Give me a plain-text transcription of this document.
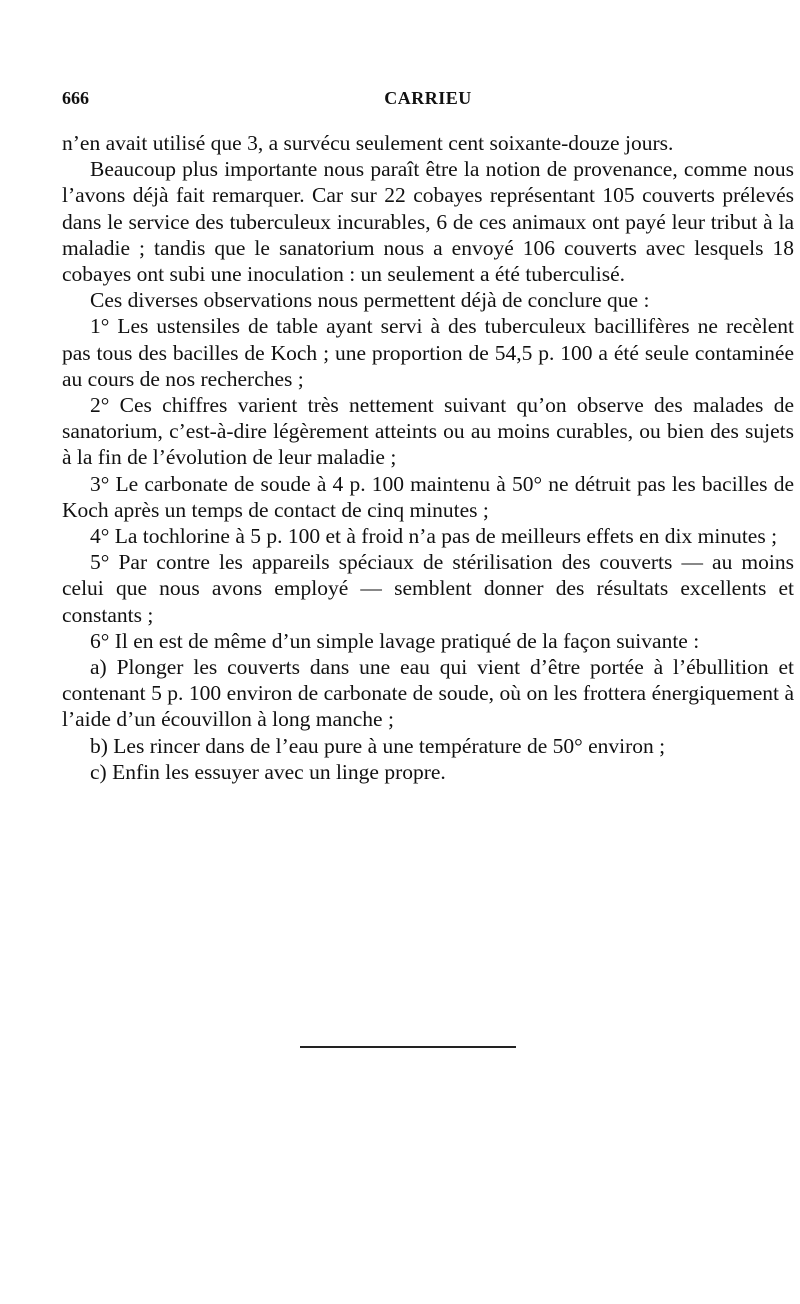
666	CARRIEU

n’en avait utilisé que 3, a survécu seulement cent soixante-douze jours.

Beaucoup plus importante nous paraît être la notion de provenance, comme nous l’avons déjà fait remarquer. Car sur 22 cobayes représentant 105 couverts prélevés dans le service des tuberculeux incurables, 6 de ces animaux ont payé leur tribut à la maladie ; tandis que le sanatorium nous a envoyé 106 couverts avec lesquels 18 cobayes ont subi une inoculation : un seulement a été tuberculisé.

Ces diverses observations nous permettent déjà de conclure que :

1° Les ustensiles de table ayant servi à des tuberculeux bacillifères ne recèlent pas tous des bacilles de Koch ; une proportion de 54,5 p. 100 a été seule contaminée au cours de nos recherches ;

2° Ces chiffres varient très nettement suivant qu’on observe des malades de sanatorium, c’est-à-dire légèrement atteints ou au moins curables, ou bien des sujets à la fin de l’évolution de leur maladie ;

3° Le carbonate de soude à 4 p. 100 maintenu à 50° ne détruit pas les bacilles de Koch après un temps de contact de cinq minutes ;

4° La tochlorine à 5 p. 100 et à froid n’a pas de meilleurs effets en dix minutes ;

5° Par contre les appareils spéciaux de stérilisation des couverts — au moins celui que nous avons employé — semblent donner des résultats excellents et constants ;

6° Il en est de même d’un simple lavage pratiqué de la façon suivante :

a) Plonger les couverts dans une eau qui vient d’être portée à l’ébullition et contenant 5 p. 100 environ de carbonate de soude, où on les frottera énergiquement à l’aide d’un écouvillon à long manche ;

b) Les rincer dans de l’eau pure à une température de 50° environ ;

c) Enfin les essuyer avec un linge propre.
